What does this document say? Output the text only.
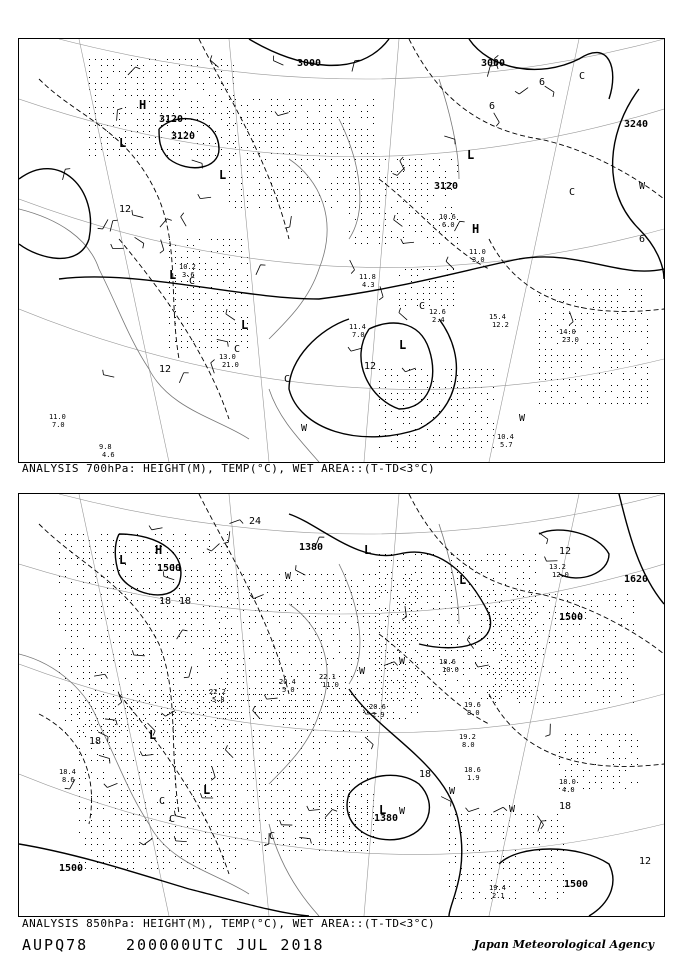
H
L
L
L
L
L
H
L
C
C
C
C
W
W
W
C
C
3000	3000
3120
3120
3240
3120
12
12
12
6
6
6
11.4
7.0
12.6
2.4	15.4
12.2
14.0
23.0
10.4
5.7
11.0
7.0
9.8
4.6
11.8
4.3
10.6
6.0
13.0
21.0
10.2
3.6
11.0
3.0
ANALYSIS 700hPa: HEIGHT(M), TEMP(°C), WET AREA::(T-TD<3°C)
H
L
L
L
L
L
L
W
W
W	W
W
C
C
C
W
1500
1500
1500
1500
1620
1380
1380
18
18
18
18
12
12
24
18
18.6
1.9
19.6
8.0
18.0
4.0
19.4
2.1
20.6
2.9
22.1
11.0
13.2
12.0
19.2
8.0
18.6
10.0
20.4
5.0
18.4
8.6
22.2
5.8
ANALYSIS 850hPa: HEIGHT(M), TEMP(°C), WET AREA::(T-TD<3°C)
AUPQ78	200000UTC JUL 2018	Japan Meteorological Agency
